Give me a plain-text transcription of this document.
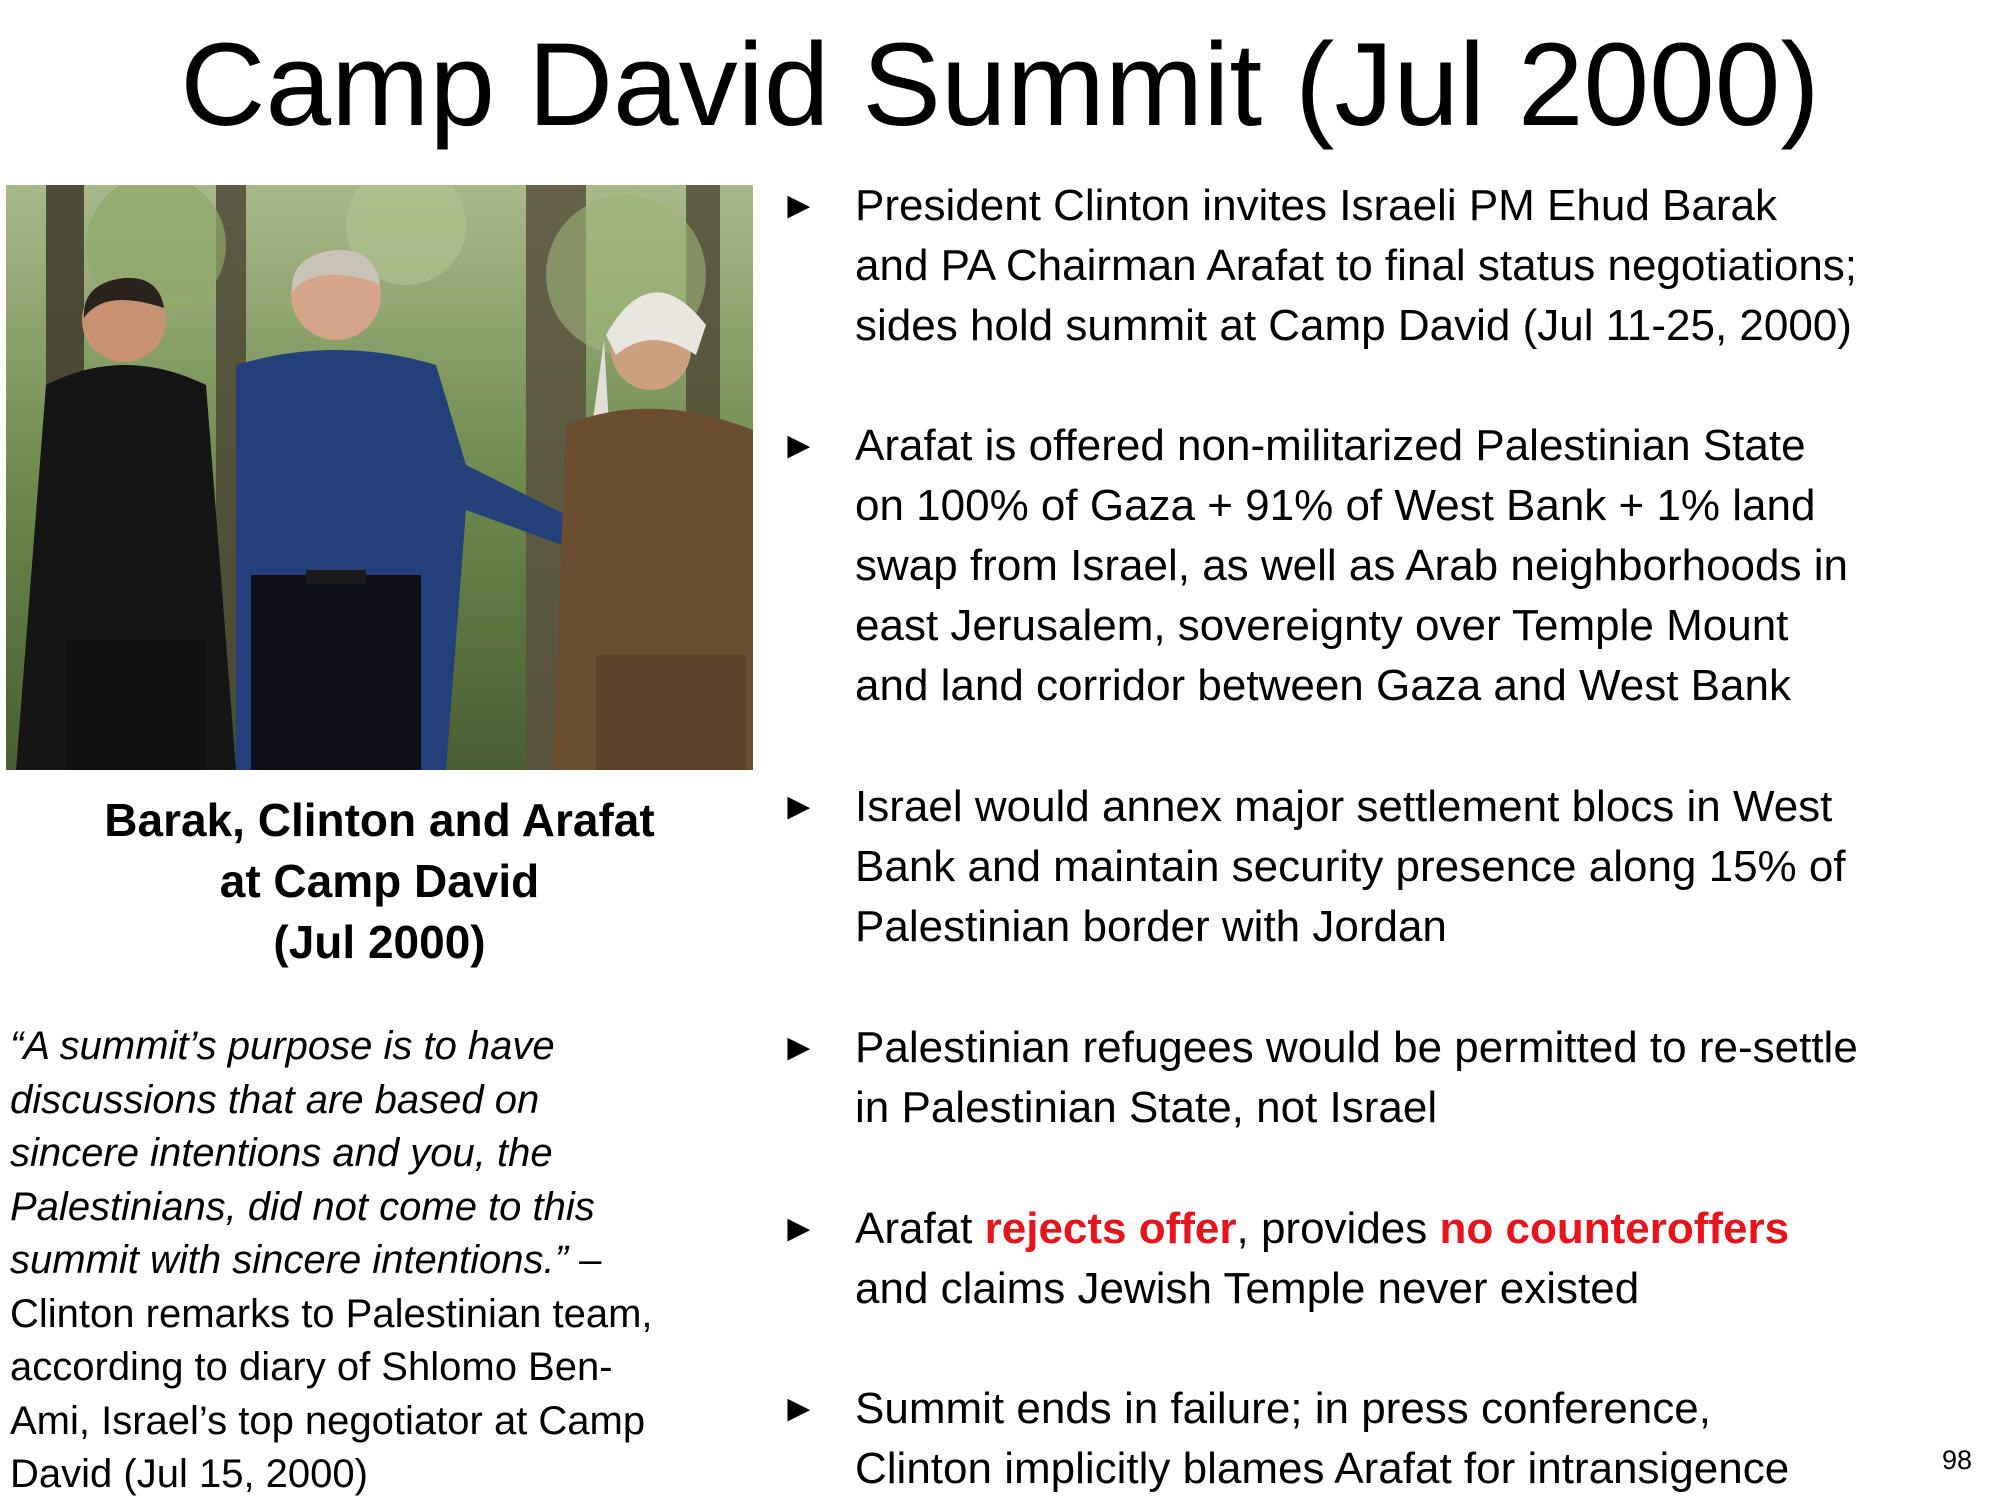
Camp David Summit (Jul 2000)
Barak, Clinton and Arafat
at Camp David
(Jul 2000)
“A summit’s purpose is to have
discussions that are based on
sincere intentions and you, the
Palestinians, did not come to this
summit with sincere intentions.” –
Clinton remarks to Palestinian team,
according to diary of Shlomo Ben-
Ami, Israel’s top negotiator at Camp
David (Jul 15, 2000)
► President Clinton invites Israeli PM Ehud Barak
and PA Chairman Arafat to final status negotiations;
sides hold summit at Camp David (Jul 11-25, 2000)
► Arafat is offered non-militarized Palestinian State
on 100% of Gaza + 91% of West Bank + 1% land
swap from Israel, as well as Arab neighborhoods in
east Jerusalem, sovereignty over Temple Mount
and land corridor between Gaza and West Bank
► Israel would annex major settlement blocs in West
Bank and maintain security presence along 15% of
Palestinian border with Jordan
► Palestinian refugees would be permitted to re-settle
in Palestinian State, not Israel
► Arafat rejects offer, provides no counteroffers
and claims Jewish Temple never existed
► Summit ends in failure; in press conference,
Clinton implicitly blames Arafat for intransigence	98
